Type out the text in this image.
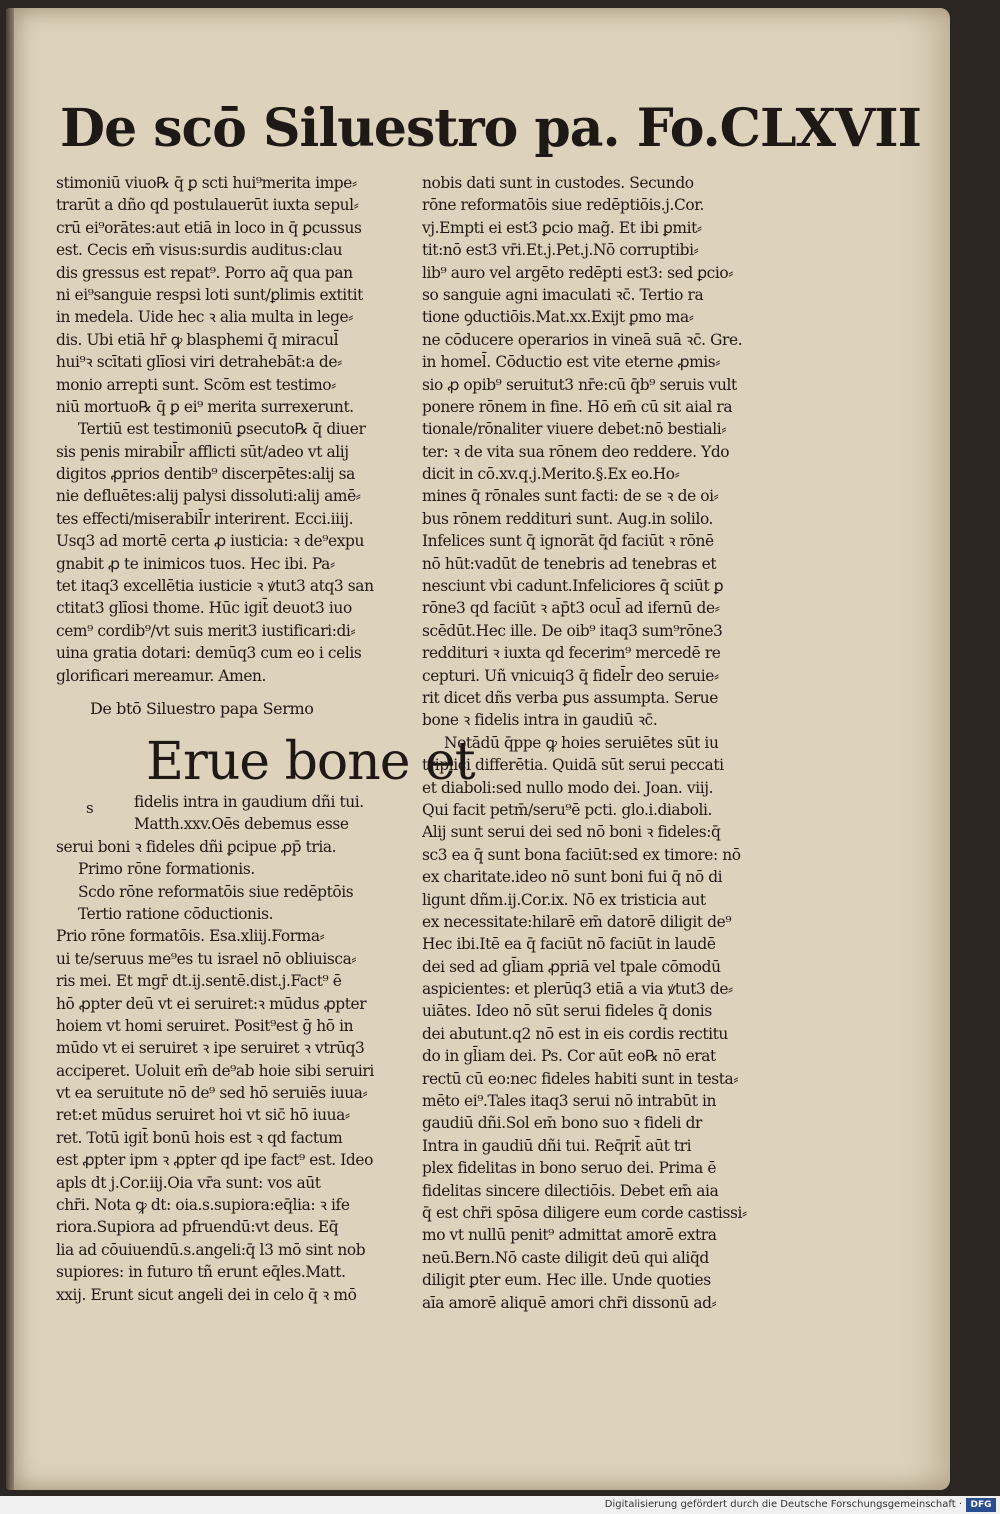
De scō Siluestro pa. Fo.CLXVII
stimoniū viuo℞ q̄ ꝑ scti hui⁹merita impe⸗
trarūt a dño qd postulauerūt iuxta sepul⸗
crū ei⁹orātes:aut etiā in loco in q̄ ꝑcussus
est. Cecis em̄ visus:surdis auditus:clau
dis gressus est repat⁹. Porro aq̄ qua pan
ni ei⁹sanguie respsi loti sunt/ꝑlimis extitit
in medela. Uide hec ꝛ alia multa in lege⸗
dis. Ubi etiā hr̄ ꝙ blasphemi q̄ miracul̄
hui⁹ꝛ scītati glīosi viri detrahebāt:a de⸗
monio arrepti sunt. Scōm est testimo⸗
niū mortuo℞ q̄ ꝑ ei⁹ merita surrexerunt.
Tertiū est testimoniū ꝑsecuto℞ q̄ diuer
sis penis mirabil̄r afflicti sūt/adeo vt alij
digitos ꝓprios dentib⁹ discerpētes:alij sa
nie defluētes:alij palysi dissoluti:alij amē⸗
tes effecti/miserabil̄r interirent. Ecci.iiij.
Usq3 ad mortē certa ꝓ iusticia: ꝛ de⁹expu
gnabit ꝓ te inimicos tuos. Hec ibi. Pa⸗
tet itaq3 excellētia iusticie ꝛ ꝟtut3 atq3 san
ctitat3 glīosi thome. Hūc igit̄ deuot3 iuo
cem⁹ cordib⁹/vt suis merit3 iustificari:di⸗
uina gratia dotari: demūq3 cum eo i celis
glorificari mereamur. Amen.
De btō Siluestro papa Sermo
Erue bone et
s	fidelis intra in gaudium dñi tui.
Matth.xxv.Oēs debemus esse
serui boni ꝛ fideles dñi ꝑcipue ꝓp̄ tria.
Primo rōne formationis.
Scdo rōne reformatōis siue redēptōis
Tertio ratione cōductionis.
Prio rōne formatōis. Esa.xliij.Forma⸗
ui te/seruus me⁹es tu israel nō obliuisca⸗
ris mei. Et mgr̄ dt.ij.sentē.dist.j.Fact⁹ ē
hō ꝓpter deū vt ei seruiret:ꝛ mūdus ꝓpter
hoiem vt homi seruiret. Posit⁹est ḡ hō in
mūdo vt ei seruiret ꝛ ipe seruiret ꝛ vtrūq3
acciperet. Uoluit em̄ de⁹ab hoie sibi seruiri
vt ea seruitute nō de⁹ sed hō seruiēs iuua⸗
ret:et mūdus seruiret hoi vt sic̄ hō iuua⸗
ret. Totū igit̄ bonū hois est ꝛ qd factum
est ꝓpter ipm ꝛ ꝓpter qd ipe fact⁹ est. Ideo
apls dt j.Cor.iij.Oia vr̄a sunt: vos aūt
chr̄i. Nota ꝙ dt: oia.s.supiora:eq̄lia: ꝛ ife
riora.Supiora ad pfruendū:vt deus. Eq̄
lia ad cōuiuendū.s.angeli:q̄ l3 mō sint nob
supiores: in futuro tñ erunt eq̄les.Matt.
xxij. Erunt sicut angeli dei in celo q̄ ꝛ mō
nobis dati sunt in custodes. Secundo
rōne reformatōis siue redēptiōis.j.Cor.
vj.Empti ei est3 ꝑcio mag̃. Et ibi ꝑmit⸗
tit:nō est3 vr̄i.Et.j.Pet.j.Nō corruptibi⸗
lib⁹ auro vel argēto redēpti est3: sed ꝑcio⸗
so sanguie agni imaculati ꝛc̄. Tertio ra
tione ꝯductiōis.Mat.xx.Exijt ꝑmo ma⸗
ne cōducere operarios in vineā suā ꝛc̄. Gre.
in homel̄. Cōductio est vite eterne ꝓmis⸗
sio ꝓ opib⁹ seruitut3 nr̄e:cū q̄b⁹ seruis vult
ponere rōnem in fine. Hō em̄ cū sit aial ra
tionale/rōnaliter viuere debet:nō bestiali⸗
ter: ꝛ de vita sua rōnem deo reddere. Ydo
dicit in cō.xv.q.j.Merito.§.Ex eo.Ho⸗
mines q̄ rōnales sunt facti: de se ꝛ de oi⸗
bus rōnem reddituri sunt. Aug.in solilo.
Infelices sunt q̄ ignorāt q̄d faciūt ꝛ rōnē
nō hūt:vadūt de tenebris ad tenebras et
nesciunt vbi cadunt.Infeliciores q̄ sciūt ꝑ
rōne3 qd faciūt ꝛ ap̄t3 ocul̄ ad ifernū de⸗
scēdūt.Hec ille. De oib⁹ itaq3 sum⁹rōne3
reddituri ꝛ iuxta qd fecerim⁹ mercedē re
cepturi. Uñ vnicuiq3 q̄ fidel̄r deo seruie⸗
rit dicet dñs verba ꝑus assumpta. Serue
bone ꝛ fidelis intra in gaudiū ꝛc̄.
Notādū q̄ppe ꝙ hoies seruiētes sūt iu
triplici differētia. Quidā sūt serui peccati
et diaboli:sed nullo modo dei. Joan. viij.
Qui facit petm̄/seru⁹ē pcti. glo.i.diaboli.
Alij sunt serui dei sed nō boni ꝛ fideles:q̄
sc3 ea q̄ sunt bona faciūt:sed ex timore: nō
ex charitate.ideo nō sunt boni fui q̄ nō di
ligunt dñm.ij.Cor.ix. Nō ex tristicia aut
ex necessitate:hilarē em̄ datorē diligit de⁹
Hec ibi.Itē ea q̄ faciūt nō faciūt in laudē
dei sed ad gl̄iam ꝓpriā vel tpale cōmodū
aspicientes: et plerūq3 etiā a via ꝟtut3 de⸗
uiātes. Ideo nō sūt serui fideles q̄ donis
dei abutunt.q2 nō est in eis cordis rectitu
do in gl̄iam dei. Ps. Cor aūt eo℞ nō erat
rectū cū eo:nec fideles habiti sunt in testa⸗
mēto ei⁹.Tales itaq3 serui nō intrabūt in
gaudiū dñi.Sol em̄ bono suo ꝛ fideli dr
Intra in gaudiū dñi tui. Req̄rit̄ aūt tri
plex fidelitas in bono seruo dei. Prima ē
fidelitas sincere dilectiōis. Debet em̄ aia
q̄ est chr̄i spōsa diligere eum corde castissi⸗
mo vt nullū penit⁹ admittat amorē extra
neū.Bern.Nō caste diligit deū qui aliq̄d
diligit ꝑter eum. Hec ille. Unde quoties
aīa amorē aliquē amori chr̄i dissonū ad⸗
Digitalisierung gefördert durch die Deutsche Forschungsgemeinschaft · DFG
